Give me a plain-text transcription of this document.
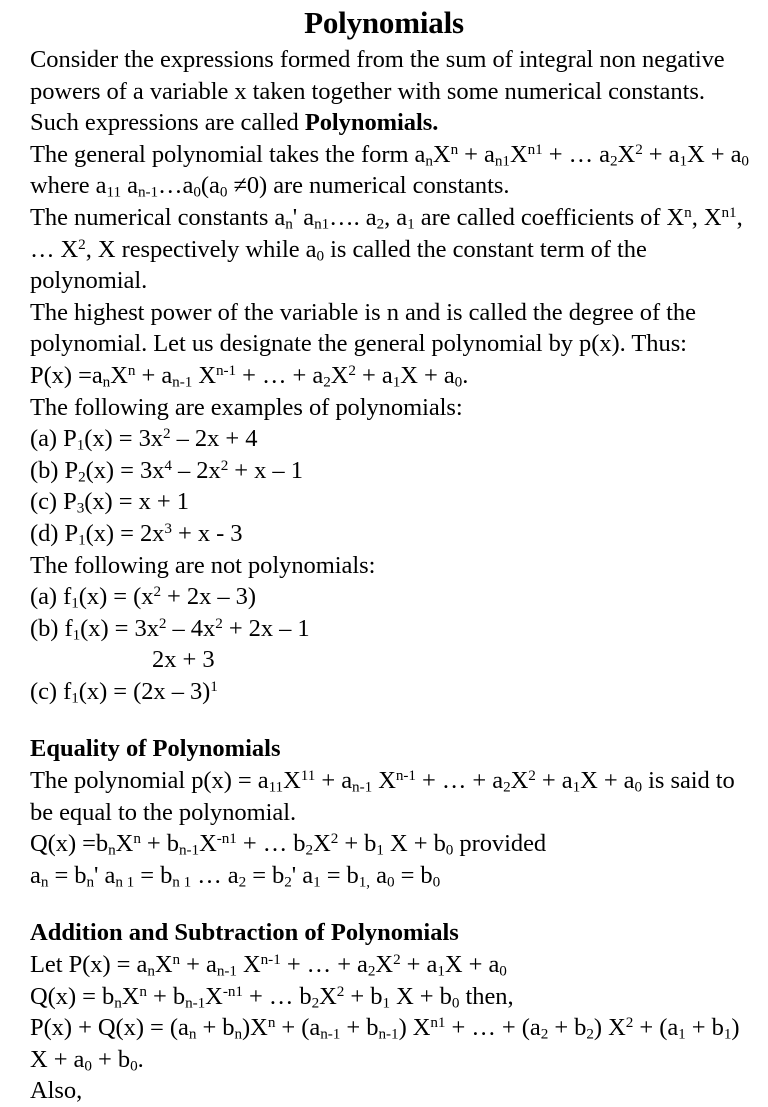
Polynomials
Consider the expressions formed from the sum of integral non negative
powers of a variable x taken together with some numerical constants.
Such expressions are called Polynomials.
The general polynomial takes the form $a_nX^n + a_{n1}X^{n1}$ + … $a_2X^2 + a_1X + a_0$
where $a_{11}$ $a_{n-1}\dots a_0(a_0 \ne 0)$ are numerical constants.
The numerical constants $a_n'$ $a_{n1}\dots$. $a_2$, $a_1$ are called coefficients of $X^n$, $X^{n1}$,
… $X^2$, X respectively while $a_0$ is called the constant term of the
polynomial.
The highest power of the variable is n and is called the degree of the
polynomial. Let us designate the general polynomial by p(x). Thus:
$P(x) =a_nX^n + a_{n-1}$ $X^{n-1}$ + … + $a_2X^2 + a_1X + a_0$.
The following are examples of polynomials:
(a) $P_1(x) = 3x^2 - 2x + 4$
(b) $P_2(x) = 3x^4 - 2x^2 + x - 1$
(c) $P_3(x) = x + 1$
(d) $P_1(x) = 2x^3 + x - 3$
The following are not polynomials:
(a) $f_1(x) = (x^2 + 2x - 3)$
(b) $f_1(x) = 3x^2 - 4x^2 + 2x - 1$
2x + 3
(c) $f_1(x) = (2x - 3)^1$
Equality of Polynomials
The polynomial $p(x) = a_{11}X^{11} + a_{n-1}$ $X^{n-1}$ + … + $a_2X^2 + a_1X + a_0$ is said to
be equal to the polynomial.
$Q(x) =b_nX^n + b_{n-1}X^{-n1}$ + … $b_2X^2 + b_1$ $X + b_0$ provided
$a_n = b_n'$ $a_{n 1} = b_{n 1}$ … $a_2 = b_2'$ $a_1 = b_{1,}$ $a_0 = b_0$
Addition and Subtraction of Polynomials
Let $P(x) = a_nX^n + a_{n-1}$ $X^{n-1}$ + … + $a_2X^2 + a_1X + a_0$
$Q(x) = b_nX^n + b_{n-1}X^{-n1}$ + … $b_2X^2 + b_1$ $X + b_0$ then,
$P(x) + Q(x) = (a_n + b_n)X^n + (a_{n-1} + b_{n-1}) X^{n1}$ + … + $(a_2 + b_2) X^2 + (a_1 + b_1)$
$X + a_0 + b_0$.
Also,
